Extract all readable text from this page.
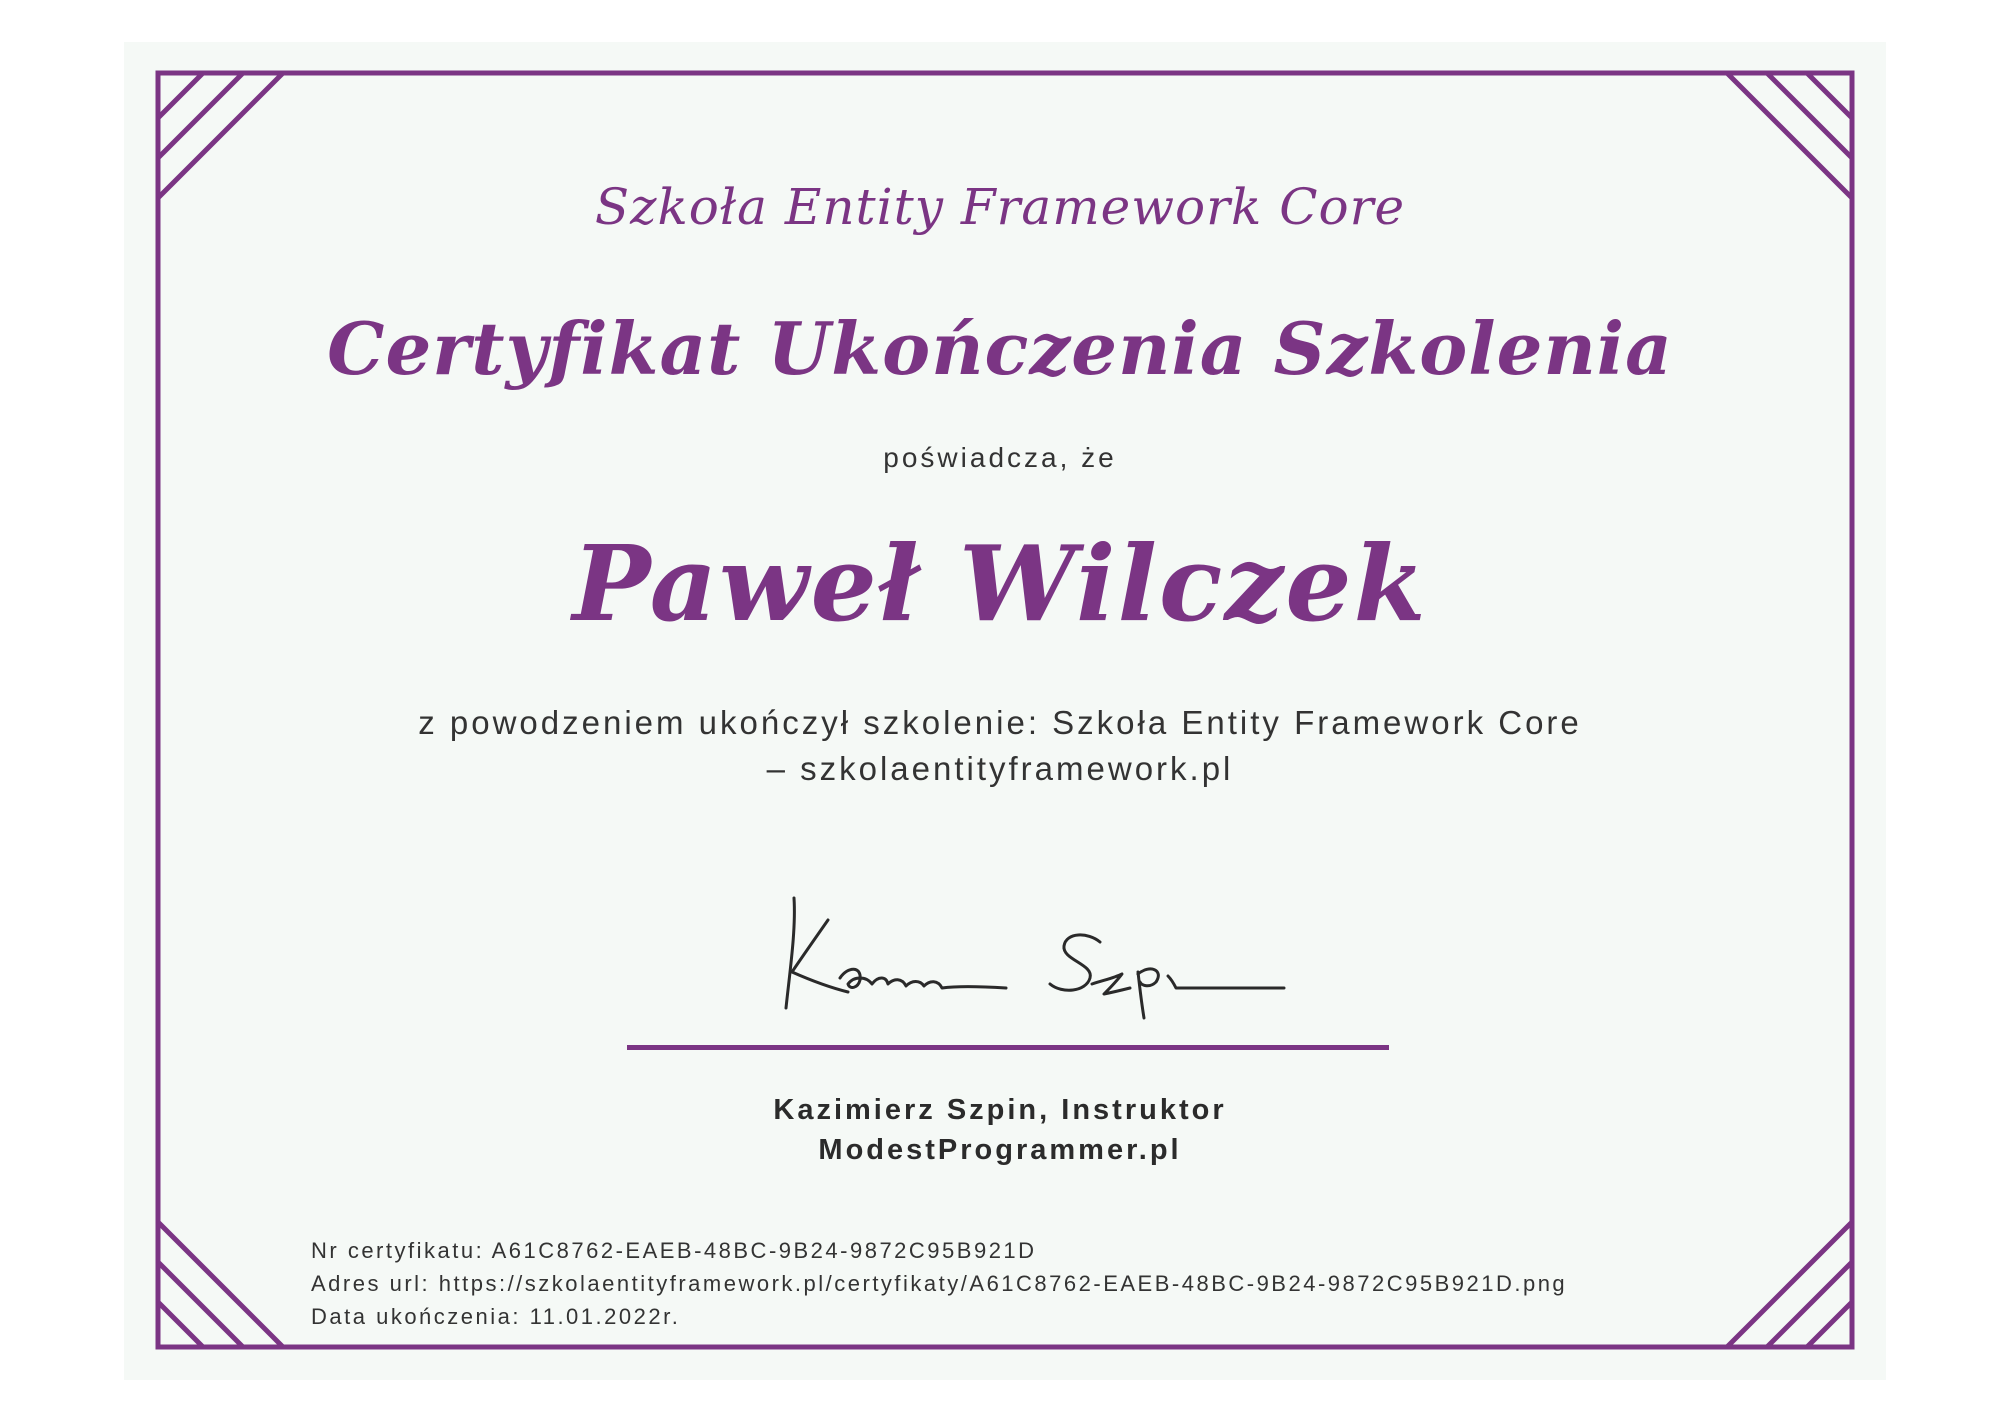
Szkoła Entity Framework Core
Certyfikat Ukończenia Szkolenia
poświadcza, że
Paweł Wilczek
z powodzeniem ukończył szkolenie: Szkoła Entity Framework Core
– szkolaentityframework.pl
Kazimierz Szpin, Instruktor
ModestProgrammer.pl
Nr certyfikatu: A61C8762-EAEB-48BC-9B24-9872C95B921D
Adres url: https://szkolaentityframework.pl/certyfikaty/A61C8762-EAEB-48BC-9B24-9872C95B921D.png
Data ukończenia: 11.01.2022r.
